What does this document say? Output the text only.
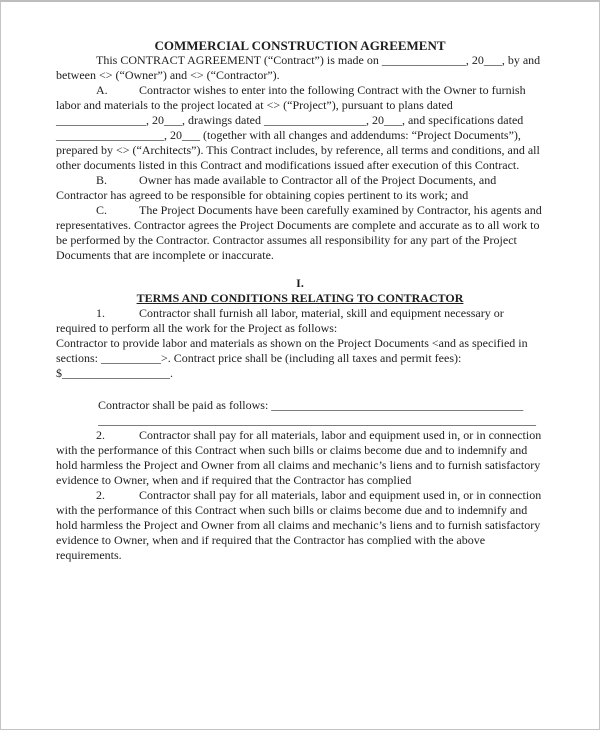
COMMERCIAL CONSTRUCTION AGREEMENT

This CONTRACT AGREEMENT (“Contract”) is made on ______________, 20___, by and between <> (“Owner”) and <> (“Contractor”).

A.	Contractor wishes to enter into the following Contract with the Owner to furnish labor and materials to the project located at <> (“Project”), pursuant to plans dated _______________, 20___, drawings dated _________________, 20___, and specifications dated __________________, 20___ (together with all changes and addendums: “Project Documents”), prepared by <> (“Architects”). This Contract includes, by reference, all terms and conditions, and all other documents listed in this Contract and modifications issued after execution of this Contract.

B.	Owner has made available to Contractor all of the Project Documents, and Contractor has agreed to be responsible for obtaining copies pertinent to its work; and

C.	The Project Documents have been carefully examined by Contractor, his agents and representatives. Contractor agrees the Project Documents are complete and accurate as to all work to be performed by the Contractor. Contractor assumes all responsibility for any part of the Project Documents that are incomplete or inaccurate.

I.
TERMS AND CONDITIONS RELATING TO CONTRACTOR

1.	Contractor shall furnish all labor, material, skill and equipment necessary or required to perform all the work for the Project as follows:

Contractor to provide labor and materials as shown on the Project Documents <and as specified in sections: __________>. Contract price shall be (including all taxes and permit fees): $__________________.

Contractor shall be paid as follows: __________________________________________
_________________________________________________________________________

2.	Contractor shall pay for all materials, labor and equipment used in, or in connection with the performance of this Contract when such bills or claims become due and to indemnify and hold harmless the Project and Owner from all claims and mechanic’s liens and to furnish satisfactory evidence to Owner, when and if required that the Contractor has complied

2.	Contractor shall pay for all materials, labor and equipment used in, or in connection with the performance of this Contract when such bills or claims become due and to indemnify and hold harmless the Project and Owner from all claims and mechanic’s liens and to furnish satisfactory evidence to Owner, when and if required that the Contractor has complied with the above requirements.
